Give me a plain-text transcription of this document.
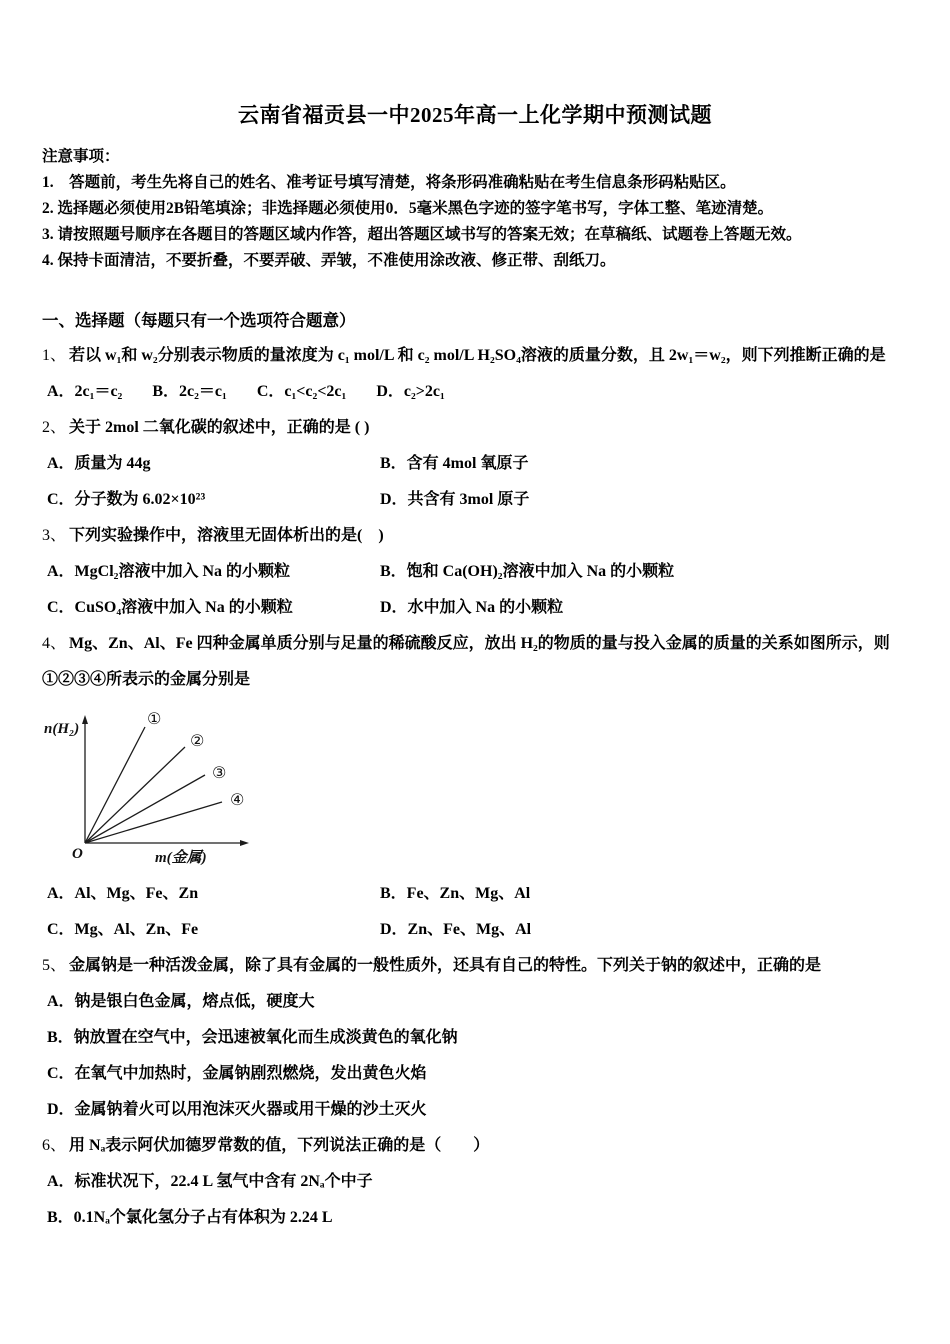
云南省福贡县一中2025年高一上化学期中预测试题

注意事项：

1.　答题前，考生先将自己的姓名、准考证号填写清楚，将条形码准确粘贴在考生信息条形码粘贴区。

2. 选择题必须使用2B铅笔填涂；非选择题必须使用0．5毫米黑色字迹的签字笔书写，字体工整、笔迹清楚。

3. 请按照题号顺序在各题目的答题区域内作答，超出答题区域书写的答案无效；在草稿纸、试题卷上答题无效。

4. 保持卡面清洁，不要折叠，不要弄破、弄皱，不准使用涂改液、修正带、刮纸刀。

一、选择题（每题只有一个选项符合题意）

1、 若以 w₁和 w₂分别表示物质的量浓度为 c₁ mol/L 和 c₂ mol/L H₂SO₄溶液的质量分数，且 2w₁＝w₂，则下列推断正确的是

A．2c₁＝c₂ B．2c₂＝c₁ C．c₁<c₂<2c₁ D．c₂>2c₁

2、 关于 2mol 二氧化碳的叙述中，正确的是 ( )

A．质量为 44g	B．含有 4mol 氧原子
C．分子数为 6.02×10²³	D．共含有 3mol 原子

3、 下列实验操作中，溶液里无固体析出的是(　)

A．MgCl₂溶液中加入 Na 的小颗粒	B．饱和 Ca(OH)₂溶液中加入 Na 的小颗粒
C．CuSO₄溶液中加入 Na 的小颗粒	D．水中加入 Na 的小颗粒

4、 Mg、Zn、Al、Fe 四种金属单质分别与足量的稀硫酸反应，放出 H₂的物质的量与投入金属的质量的关系如图所示，则①②③④所表示的金属分别是

①
②
③
④
n(H₂)
O	m(金属)
A．Al、Mg、Fe、Zn	B．Fe、Zn、Mg、Al
C．Mg、Al、Zn、Fe	D．Zn、Fe、Mg、Al

5、 金属钠是一种活泼金属，除了具有金属的一般性质外，还具有自己的特性。下列关于钠的叙述中，正确的是

A．钠是银白色金属，熔点低，硬度大
B．钠放置在空气中，会迅速被氧化而生成淡黄色的氧化钠
C．在氧气中加热时，金属钠剧烈燃烧，发出黄色火焰
D．金属钠着火可以用泡沫灭火器或用干燥的沙土灭火

6、 用 Nₐ表示阿伏加德罗常数的值，下列说法正确的是（　　）

A．标准状况下，22.4 L 氢气中含有 2Nₐ个中子
B．0.1Nₐ个氯化氢分子占有体积为 2.24 L
